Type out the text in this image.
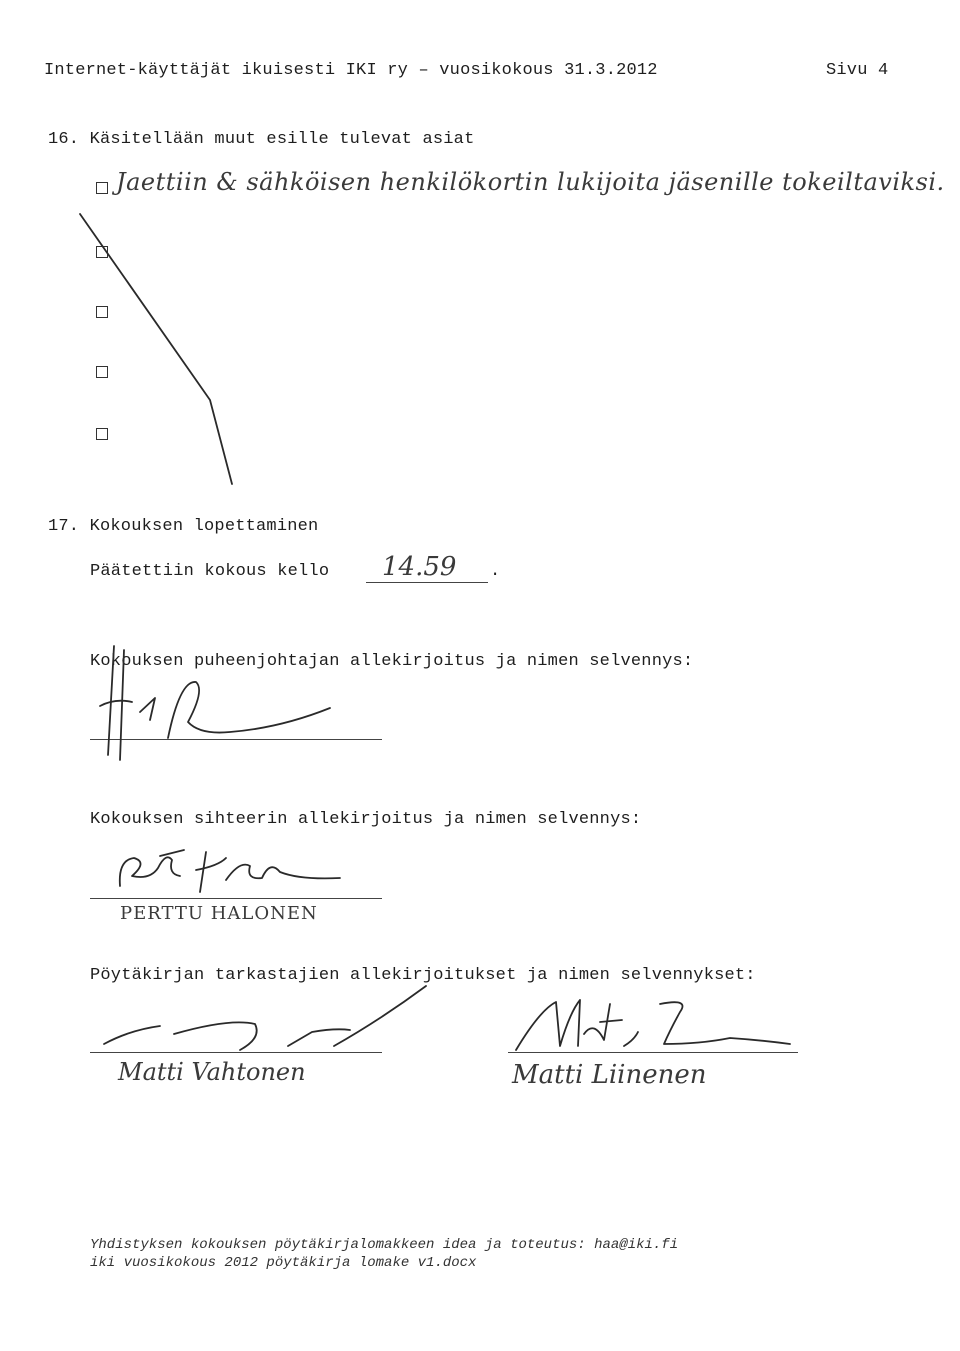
Internet-käyttäjät ikuisesti IKI ry – vuosikokous 31.3.2012	Sivu 4
16. Käsitellään muut esille tulevat asiat
Jaettiin & sähköisen henkilökortin lukijoita jäsenille tokeiltaviksi.
17. Kokouksen lopettaminen
Päätettiin kokous kello 14.59 .
Kokouksen puheenjohtajan allekirjoitus ja nimen selvennys:
Kokouksen sihteerin allekirjoitus ja nimen selvennys:
PERTTU HALONEN
Pöytäkirjan tarkastajien allekirjoitukset ja nimen selvennykset:
Matti Vahtonen	Matti Liinenen
Yhdistyksen kokouksen pöytäkirjalomakkeen idea ja toteutus: haa@iki.fi
iki vuosikokous 2012 pöytäkirja lomake v1.docx
